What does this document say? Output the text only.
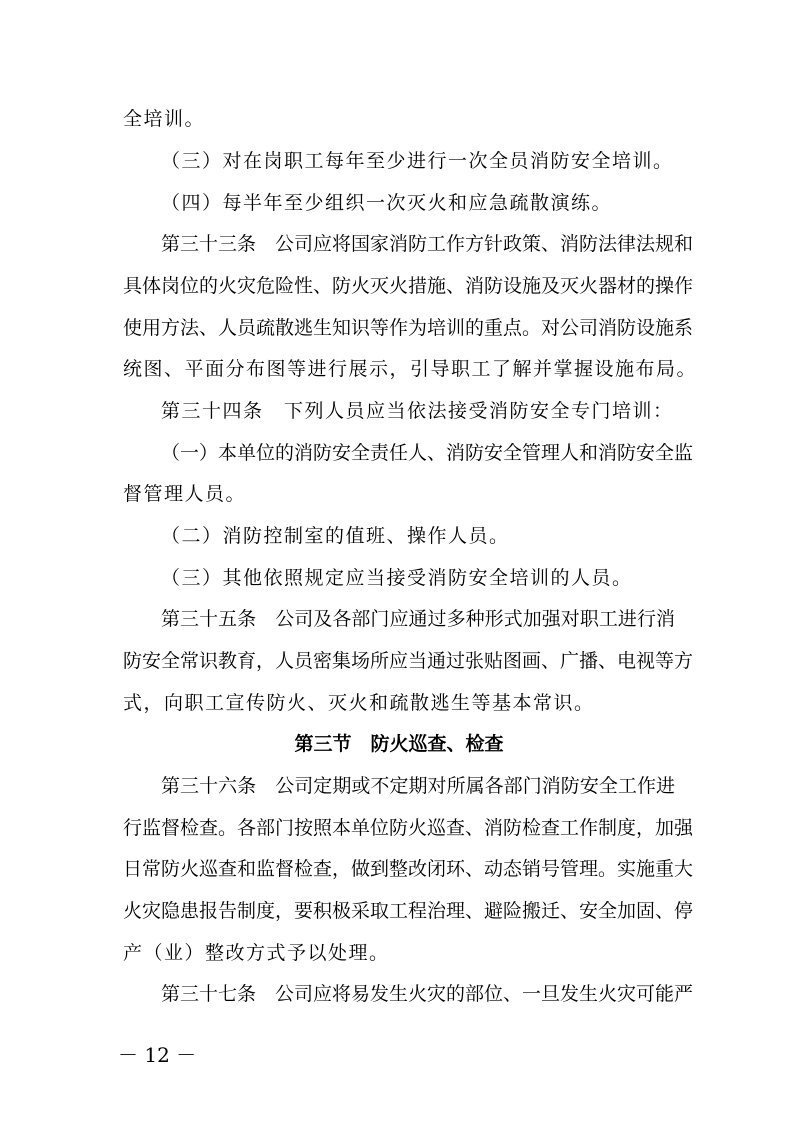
全培训。
（三）对在岗职工每年至少进行一次全员消防安全培训。
（四）每半年至少组织一次灭火和应急疏散演练。
第三十三条　公司应将国家消防工作方针政策、消防法律法规和
具体岗位的火灾危险性、防火灭火措施、消防设施及灭火器材的操作
使用方法、人员疏散逃生知识等作为培训的重点。对公司消防设施系
统图、平面分布图等进行展示，引导职工了解并掌握设施布局。
第三十四条　下列人员应当依法接受消防安全专门培训：
（一）本单位的消防安全责任人、消防安全管理人和消防安全监
督管理人员。
（二）消防控制室的值班、操作人员。
（三）其他依照规定应当接受消防安全培训的人员。
第三十五条　公司及各部门应通过多种形式加强对职工进行消
防安全常识教育，人员密集场所应当通过张贴图画、广播、电视等方
式，向职工宣传防火、灭火和疏散逃生等基本常识。
第三节　防火巡查、检查
第三十六条　公司定期或不定期对所属各部门消防安全工作进
行监督检查。各部门按照本单位防火巡查、消防检查工作制度，加强
日常防火巡查和监督检查，做到整改闭环、动态销号管理。实施重大
火灾隐患报告制度，要积极采取工程治理、避险搬迁、安全加固、停
产（业）整改方式予以处理。
第三十七条　公司应将易发生火灾的部位、一旦发生火灾可能严
－ 12 －
